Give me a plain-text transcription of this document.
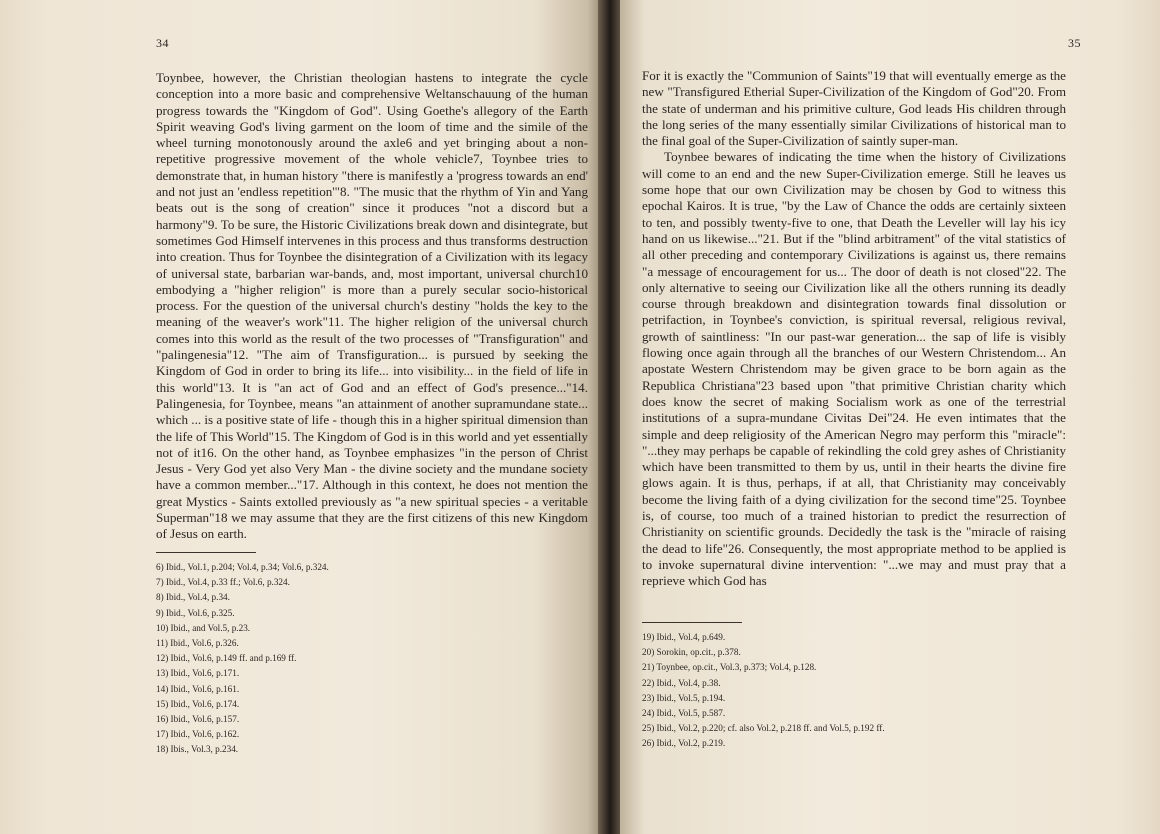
34

Toynbee, however, the Christian theologian hastens to integrate the cycle conception into a more basic and comprehensive Weltanschauung of the human progress towards the "Kingdom of God". Using Goethe's allegory of the Earth Spirit weaving God's living garment on the loom of time and the simile of the wheel turning monotonously around the axle6 and yet bringing about a non-repetitive progressive movement of the whole vehicle7, Toynbee tries to demonstrate that, in human history "there is manifestly a 'progress towards an end' and not just an 'endless repetition'"8. "The music that the rhythm of Yin and Yang beats out is the song of creation" since it produces "not a discord but a harmony"9. To be sure, the Historic Civilizations break down and disintegrate, but sometimes God Himself intervenes in this process and thus transforms destruction into creation. Thus for Toynbee the disintegration of a Civilization with its legacy of universal state, barbarian war-bands, and, most important, universal church10 embodying a "higher religion" is more than a purely secular socio-historical process. For the question of the universal church's destiny "holds the key to the meaning of the weaver's work"11. The higher religion of the universal church comes into this world as the result of the two processes of "Transfiguration" and "palingenesia"12. "The aim of Transfiguration... is pursued by seeking the Kingdom of God in order to bring its life... into visibility... in the field of life in this world"13. It is "an act of God and an effect of God's presence..."14. Palingenesia, for Toynbee, means "an attainment of another supramundane state... which ... is a positive state of life - though this in a higher spiritual dimension than the life of This World"15. The Kingdom of God is in this world and yet essentially not of it16. On the other hand, as Toynbee emphasizes "in the person of Christ Jesus - Very God yet also Very Man - the divine society and the mundane society have a common member..."17. Although in this context, he does not mention the great Mystics - Saints extolled previously as "a new spiritual species - a veritable Superman"18 we may assume that they are the first citizens of this new Kingdom of Jesus on earth.

6) Ibid., Vol.1, p.204; Vol.4, p.34; Vol.6, p.324.
7) Ibid., Vol.4, p.33 ff.; Vol.6, p.324.
8) Ibid., Vol.4, p.34.
9) Ibid., Vol.6, p.325.
10) Ibid., and Vol.5, p.23.
11) Ibid., Vol.6, p.326.
12) Ibid., Vol.6, p.149 ff. and p.169 ff.
13) Ibid., Vol.6, p.171.
14) Ibid., Vol.6, p.161.
15) Ibid., Vol.6, p.174.
16) Ibid., Vol.6, p.157.
17) Ibid., Vol.6, p.162.
18) Ibis., Vol.3, p.234.
35

For it is exactly the "Communion of Saints"19 that will eventually emerge as the new "Transfigured Etherial Super-Civilization of the Kingdom of God"20. From the state of underman and his primitive culture, God leads His children through the long series of the many essentially similar Civilizations of historical man to the final goal of the Super-Civilization of saintly super-man.

Toynbee bewares of indicating the time when the history of Civilizations will come to an end and the new Super-Civilization emerge. Still he leaves us some hope that our own Civilization may be chosen by God to witness this epochal Kairos. It is true, "by the Law of Chance the odds are certainly sixteen to ten, and possibly twenty-five to one, that Death the Leveller will lay his icy hand on us likewise..."21. But if the "blind arbitrament" of the vital statistics of all other preceding and contemporary Civilizations is against us, there remains "a message of encouragement for us... The door of death is not closed"22. The only alternative to seeing our Civilization like all the others running its deadly course through breakdown and disintegration towards final dissolution or petrifaction, in Toynbee's conviction, is spiritual reversal, religious revival, growth of saintliness: "In our past-war generation... the sap of life is visibly flowing once again through all the branches of our Western Christendom... An apostate Western Christendom may be given grace to be born again as the Republica Christiana"23 based upon "that primitive Christian charity which does know the secret of making Socialism work as one of the terrestrial institutions of a supra-mundane Civitas Dei"24. He even intimates that the simple and deep religiosity of the American Negro may perform this "miracle": "...they may perhaps be capable of rekindling the cold grey ashes of Christianity which have been transmitted to them by us, until in their hearts the divine fire glows again. It is thus, perhaps, if at all, that Christianity may conceivably become the living faith of a dying civilization for the second time"25. Toynbee is, of course, too much of a trained historian to predict the resurrection of Christianity on scientific grounds. Decidedly the task is the "miracle of raising the dead to life"26. Consequently, the most appropriate method to be applied is to invoke supernatural divine intervention: "...we may and must pray that a reprieve which God has

19) Ibid., Vol.4, p.649.
20) Sorokin, op.cit., p.378.
21) Toynbee, op.cit., Vol.3, p.373; Vol.4, p.128.
22) Ibid., Vol.4, p.38.
23) Ibid., Vol.5, p.194.
24) Ibid., Vol.5, p.587.
25) Ibid., Vol.2, p.220; cf. also Vol.2, p.218 ff. and Vol.5, p.192 ff.
26) Ibid., Vol.2, p.219.
